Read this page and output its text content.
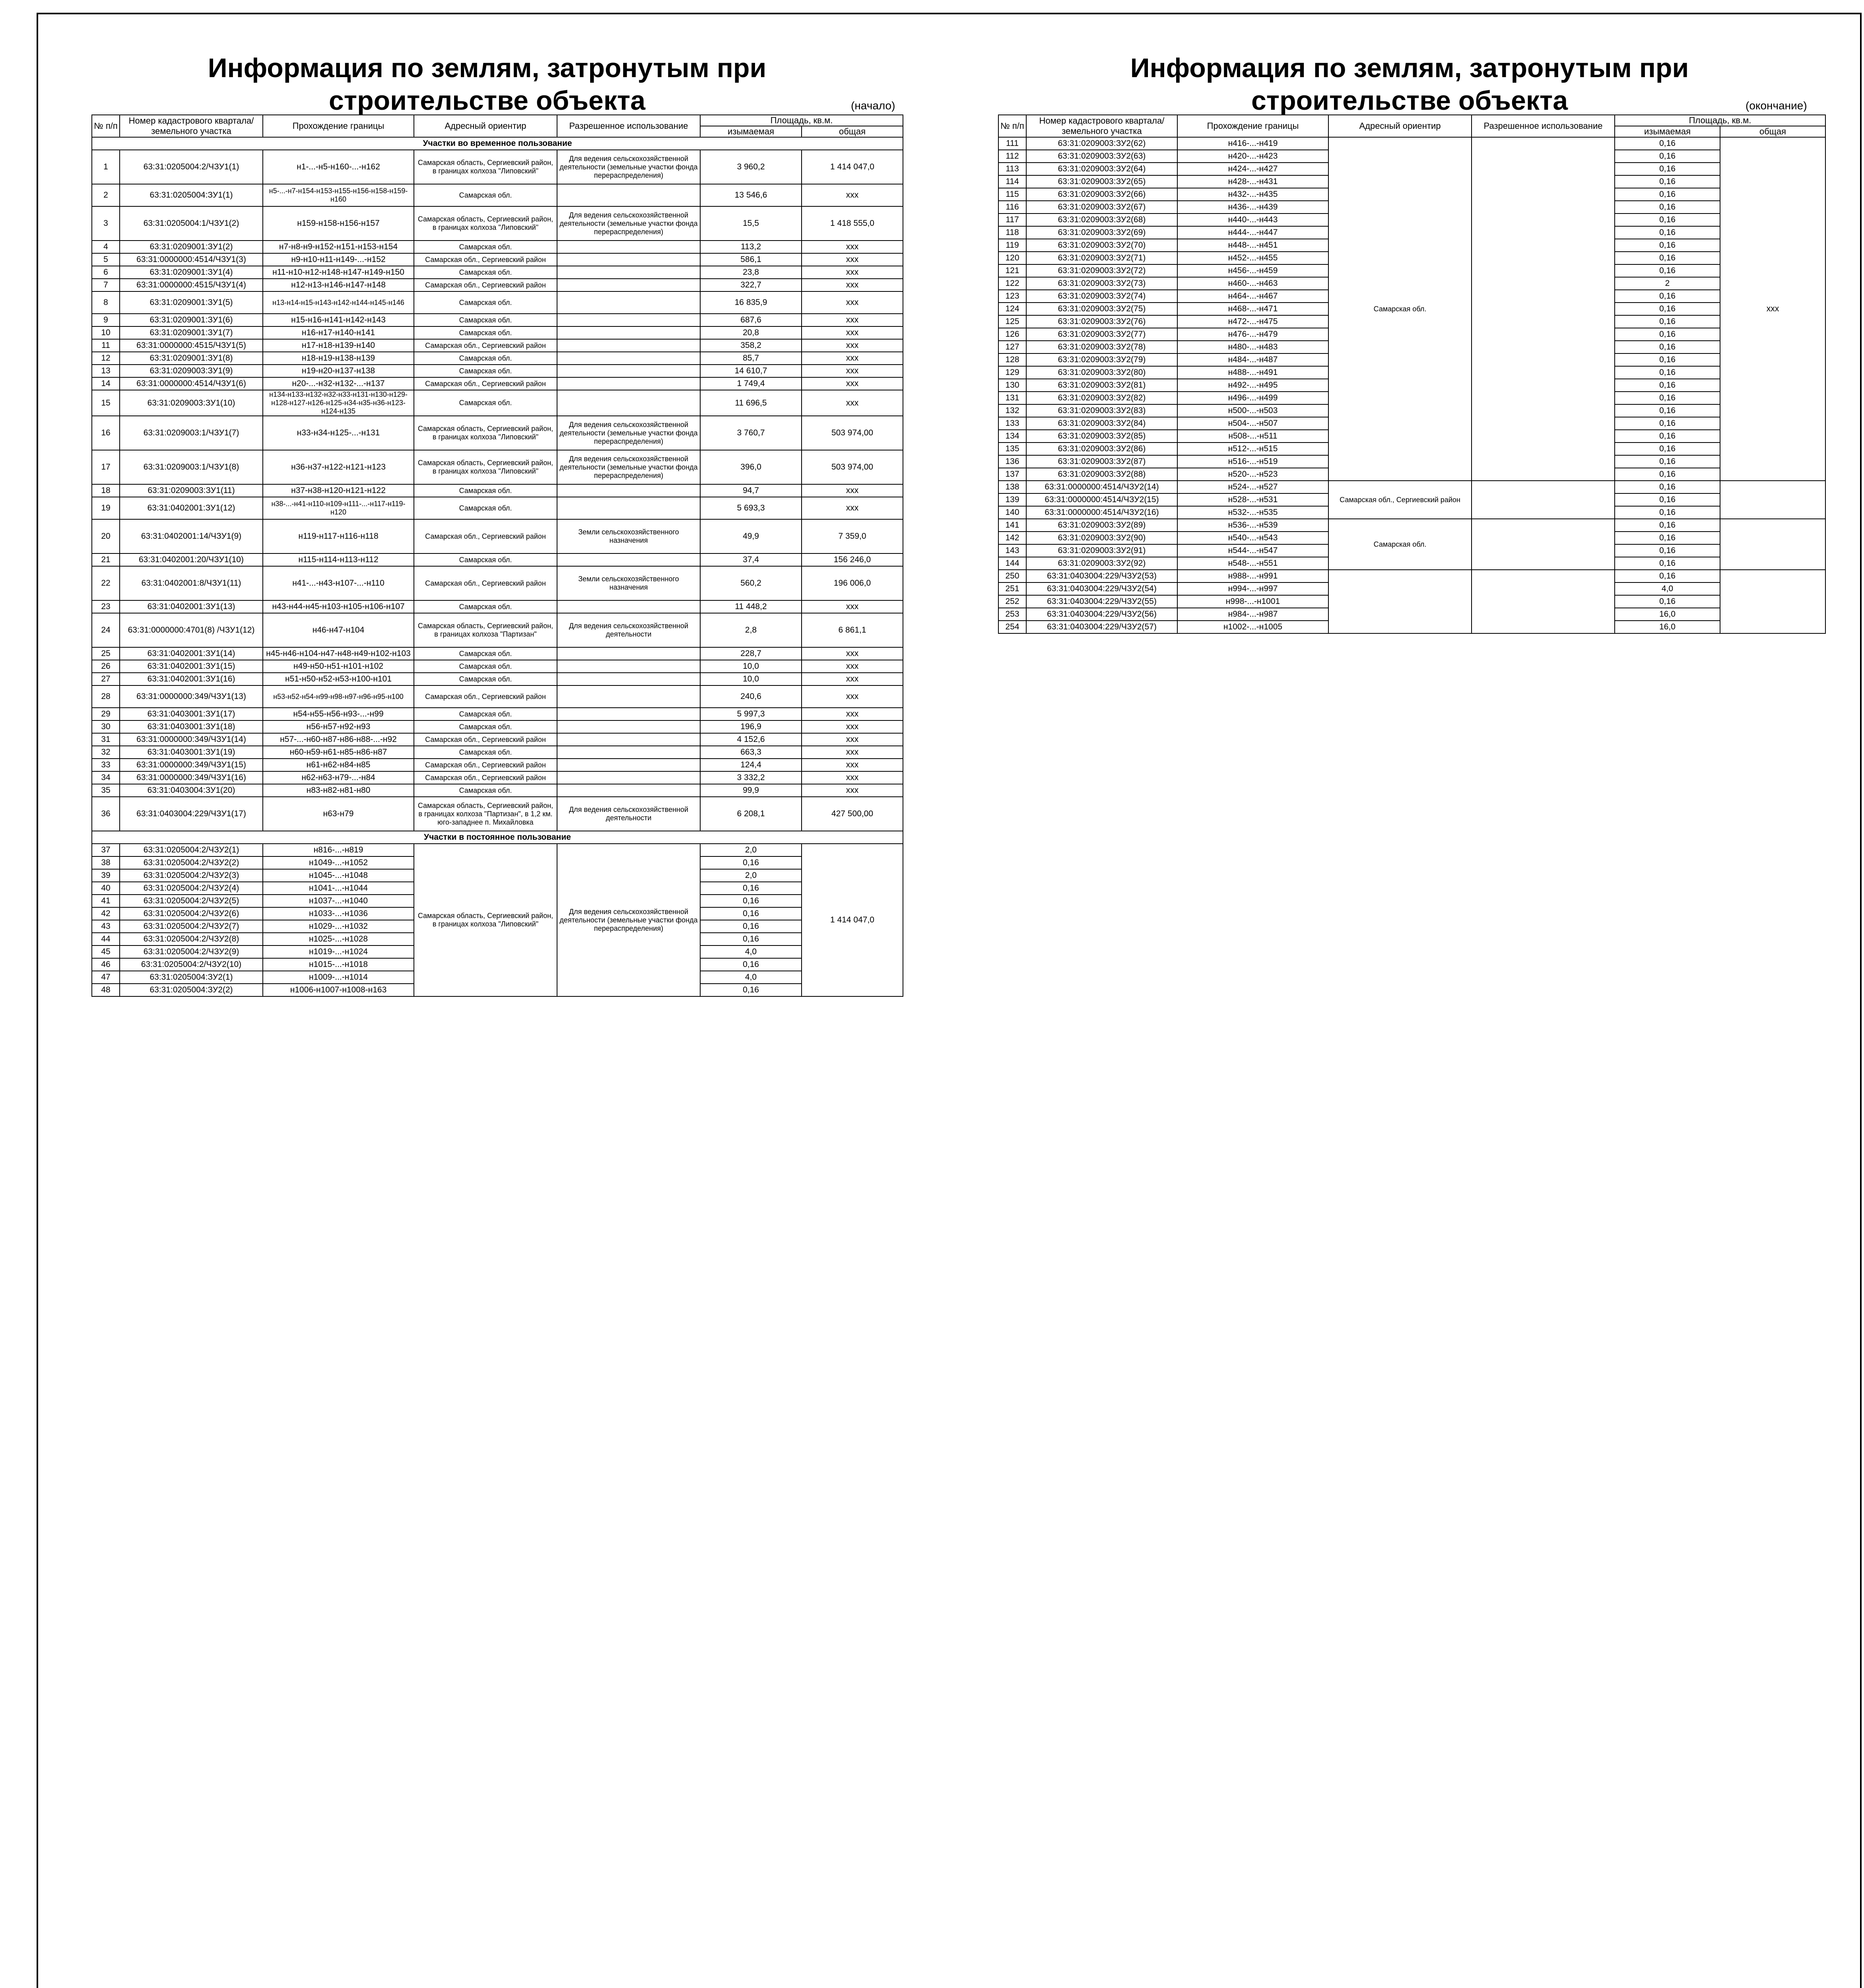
Информация по землям, затронутым при
строительстве объекта	(начало)
№ п/п	Номер кадастрового квартала/земельного участка	Прохождение границы	Адресный ориентир	Разрешенное использование	Площадь, кв.м.	
					изымаемая	общая
Участки во временное пользование						
1	63:31:0205004:2/ЧЗУ1(1)	н1-...-н5-н160-...-н162	Самарская область, Сергиевский район, в границах колхоза "Липовский"	Для ведения сельскохозяйственной деятельности (земельные участки фонда перераспределения)	3 960,2	1 414 047,0
2	63:31:0205004:ЗУ1(1)	н5-...-н7-н154-н153-н155-н156-н158-н159-н160	Самарская обл.		13 546,6	xxx
3	63:31:0205004:1/ЧЗУ1(2)	н159-н158-н156-н157	Самарская область, Сергиевский район, в границах колхоза "Липовский"	Для ведения сельскохозяйственной деятельности (земельные участки фонда перераспределения)	15,5	1 418 555,0
4	63:31:0209001:ЗУ1(2)	н7-н8-н9-н152-н151-н153-н154	Самарская обл.		113,2	xxx
5	63:31:0000000:4514/ЧЗУ1(3)	н9-н10-н11-н149-...-н152	Самарская обл., Сергиевский район		586,1	xxx
6	63:31:0209001:ЗУ1(4)	н11-н10-н12-н148-н147-н149-н150	Самарская обл.		23,8	xxx
7	63:31:0000000:4515/ЧЗУ1(4)	н12-н13-н146-н147-н148	Самарская обл., Сергиевский район		322,7	xxx
8	63:31:0209001:ЗУ1(5)	н13-н14-н15-н143-н142-н144-н145-н146	Самарская обл.		16 835,9	xxx
9	63:31:0209001:ЗУ1(6)	н15-н16-н141-н142-н143	Самарская обл.		687,6	xxx
10	63:31:0209001:ЗУ1(7)	н16-н17-н140-н141	Самарская обл.		20,8	xxx
11	63:31:0000000:4515/ЧЗУ1(5)	н17-н18-н139-н140	Самарская обл., Сергиевский район		358,2	xxx
12	63:31:0209001:ЗУ1(8)	н18-н19-н138-н139	Самарская обл.		85,7	xxx
13	63:31:0209003:ЗУ1(9)	н19-н20-н137-н138	Самарская обл.		14 610,7	xxx
14	63:31:0000000:4514/ЧЗУ1(6)	н20-...-н32-н132-...-н137	Самарская обл., Сергиевский район		1 749,4	xxx
15	63:31:0209003:ЗУ1(10)	н134-н133-н132-н32-н33-н131-н130-н129-н128-н127-н126-н125-н34-н35-н36-н123-н124-н135	Самарская обл.		11 696,5	xxx
16	63:31:0209003:1/ЧЗУ1(7)	н33-н34-н125-...-н131	Самарская область, Сергиевский район, в границах колхоза "Липовский"	Для ведения сельскохозяйственной деятельности (земельные участки фонда перераспределения)	3 760,7	503 974,00
17	63:31:0209003:1/ЧЗУ1(8)	н36-н37-н122-н121-н123	Самарская область, Сергиевский район, в границах колхоза "Липовский"	Для ведения сельскохозяйственной деятельности (земельные участки фонда перераспределения)	396,0	503 974,00
18	63:31:0209003:ЗУ1(11)	н37-н38-н120-н121-н122	Самарская обл.		94,7	xxx
19	63:31:0402001:ЗУ1(12)	н38-...-н41-н110-н109-н111-...-н117-н119-н120	Самарская обл.		5 693,3	xxx
20	63:31:0402001:14/ЧЗУ1(9)	н119-н117-н116-н118	Самарская обл., Сергиевский район	Земли сельскохозяйственного назначения	49,9	7 359,0
21	63:31:0402001:20/ЧЗУ1(10)	н115-н114-н113-н112	Самарская обл.		37,4	156 246,0
22	63:31:0402001:8/ЧЗУ1(11)	н41-...-н43-н107-...-н110	Самарская обл., Сергиевский район	Земли сельскохозяйственного назначения	560,2	196 006,0
23	63:31:0402001:ЗУ1(13)	н43-н44-н45-н103-н105-н106-н107	Самарская обл.		11 448,2	xxx
24	63:31:0000000:4701(8) /ЧЗУ1(12)	н46-н47-н104	Самарская область, Сергиевский район, в границах колхоза "Партизан"	Для ведения сельскохозяйственной деятельности	2,8	6 861,1
25	63:31:0402001:ЗУ1(14)	н45-н46-н104-н47-н48-н49-н102-н103	Самарская обл.		228,7	xxx
26	63:31:0402001:ЗУ1(15)	н49-н50-н51-н101-н102	Самарская обл.		10,0	xxx
27	63:31:0402001:ЗУ1(16)	н51-н50-н52-н53-н100-н101	Самарская обл.		10,0	xxx
28	63:31:0000000:349/ЧЗУ1(13)	н53-н52-н54-н99-н98-н97-н96-н95-н100	Самарская обл., Сергиевский район		240,6	xxx
29	63:31:0403001:ЗУ1(17)	н54-н55-н56-н93-...-н99	Самарская обл.		5 997,3	xxx
30	63:31:0403001:ЗУ1(18)	н56-н57-н92-н93	Самарская обл.		196,9	xxx
31	63:31:0000000:349/ЧЗУ1(14)	н57-...-н60-н87-н86-н88-...-н92	Самарская обл., Сергиевский район		4 152,6	xxx
32	63:31:0403001:ЗУ1(19)	н60-н59-н61-н85-н86-н87	Самарская обл.		663,3	xxx
33	63:31:0000000:349/ЧЗУ1(15)	н61-н62-н84-н85	Самарская обл., Сергиевский район		124,4	xxx
34	63:31:0000000:349/ЧЗУ1(16)	н62-н63-н79-...-н84	Самарская обл., Сергиевский район		3 332,2	xxx
35	63:31:0403004:ЗУ1(20)	н83-н82-н81-н80	Самарская обл.		99,9	xxx
36	63:31:0403004:229/ЧЗУ1(17)	н63-н79	Самарская область, Сергиевский район, в границах колхоза "Партизан", в 1,2 км. юго-западнее п. Михайловка	Для ведения сельскохозяйственной деятельности	6 208,1	427 500,00
Участки в постоянное пользование						
37	63:31:0205004:2/ЧЗУ2(1)	н816-...-н819	Самарская область, Сергиевский район, в границах колхоза "Липовский"	Для ведения сельскохозяйственной деятельности (земельные участки фонда перераспределения)	2,0	1 414 047,0
38	63:31:0205004:2/ЧЗУ2(2)	н1049-...-н1052			0,16	
39	63:31:0205004:2/ЧЗУ2(3)	н1045-...-н1048			2,0	
40	63:31:0205004:2/ЧЗУ2(4)	н1041-...-н1044			0,16	
41	63:31:0205004:2/ЧЗУ2(5)	н1037-...-н1040			0,16	
42	63:31:0205004:2/ЧЗУ2(6)	н1033-...-н1036			0,16	
43	63:31:0205004:2/ЧЗУ2(7)	н1029-...-н1032			0,16	
44	63:31:0205004:2/ЧЗУ2(8)	н1025-...-н1028			0,16	
45	63:31:0205004:2/ЧЗУ2(9)	н1019-...-н1024			4,0	
46	63:31:0205004:2/ЧЗУ2(10)	н1015-...-н1018			0,16	
47	63:31:0205004:ЗУ2(1)	н1009-...-н1014			4,0	
48	63:31:0205004:ЗУ2(2)	н1006-н1007-н1008-н163			0,16	
Информация по землям, затронутым при
строительстве объекта	(окончание)
№ п/п	Номер кадастрового квартала/земельного участка	Прохождение границы	Адресный ориентир	Разрешенное использование	Площадь, кв.м.	
					изымаемая	общая
111	63:31:0209003:ЗУ2(62)	н416-...-н419	Самарская обл.		0,16	xxx
112	63:31:0209003:ЗУ2(63)	н420-...-н423			0,16	
113	63:31:0209003:ЗУ2(64)	н424-...-н427			0,16	
114	63:31:0209003:ЗУ2(65)	н428-...-н431			0,16	
115	63:31:0209003:ЗУ2(66)	н432-...-н435			0,16	
116	63:31:0209003:ЗУ2(67)	н436-...-н439			0,16	
117	63:31:0209003:ЗУ2(68)	н440-...-н443			0,16	
118	63:31:0209003:ЗУ2(69)	н444-...-н447			0,16	
119	63:31:0209003:ЗУ2(70)	н448-...-н451			0,16	
120	63:31:0209003:ЗУ2(71)	н452-...-н455			0,16	
121	63:31:0209003:ЗУ2(72)	н456-...-н459			0,16	
122	63:31:0209003:ЗУ2(73)	н460-...-н463			2	
123	63:31:0209003:ЗУ2(74)	н464-...-н467			0,16	
124	63:31:0209003:ЗУ2(75)	н468-...-н471			0,16	
125	63:31:0209003:ЗУ2(76)	н472-...-н475			0,16	
126	63:31:0209003:ЗУ2(77)	н476-...-н479			0,16	
127	63:31:0209003:ЗУ2(78)	н480-...-н483			0,16	
128	63:31:0209003:ЗУ2(79)	н484-...-н487			0,16	
129	63:31:0209003:ЗУ2(80)	н488-...-н491			0,16	
130	63:31:0209003:ЗУ2(81)	н492-...-н495			0,16	
131	63:31:0209003:ЗУ2(82)	н496-...-н499			0,16	
132	63:31:0209003:ЗУ2(83)	н500-...-н503			0,16	
133	63:31:0209003:ЗУ2(84)	н504-...-н507			0,16	
134	63:31:0209003:ЗУ2(85)	н508-...-н511			0,16	
135	63:31:0209003:ЗУ2(86)	н512-...-н515			0,16	
136	63:31:0209003:ЗУ2(87)	н516-...-н519			0,16	
137	63:31:0209003:ЗУ2(88)	н520-...-н523			0,16	
138	63:31:0000000:4514/ЧЗУ2(14)	н524-...-н527	Самарская обл., Сергиевский район		0,16	
139	63:31:0000000:4514/ЧЗУ2(15)	н528-...-н531			0,16	
140	63:31:0000000:4514/ЧЗУ2(16)	н532-...-н535			0,16	
141	63:31:0209003:ЗУ2(89)	н536-...-н539	Самарская обл.		0,16	
142	63:31:0209003:ЗУ2(90)	н540-...-н543			0,16	
143	63:31:0209003:ЗУ2(91)	н544-...-н547			0,16	
144	63:31:0209003:ЗУ2(92)	н548-...-н551			0,16	
250	63:31:0403004:229/ЧЗУ2(53)	н988-...-н991			0,16	
251	63:31:0403004:229/ЧЗУ2(54)	н994-...-н997			4,0	
252	63:31:0403004:229/ЧЗУ2(55)	н998-...-н1001			0,16	
253	63:31:0403004:229/ЧЗУ2(56)	н984-...-н987			16,0	
254	63:31:0403004:229/ЧЗУ2(57)	н1002-...-н1005			16,0	
